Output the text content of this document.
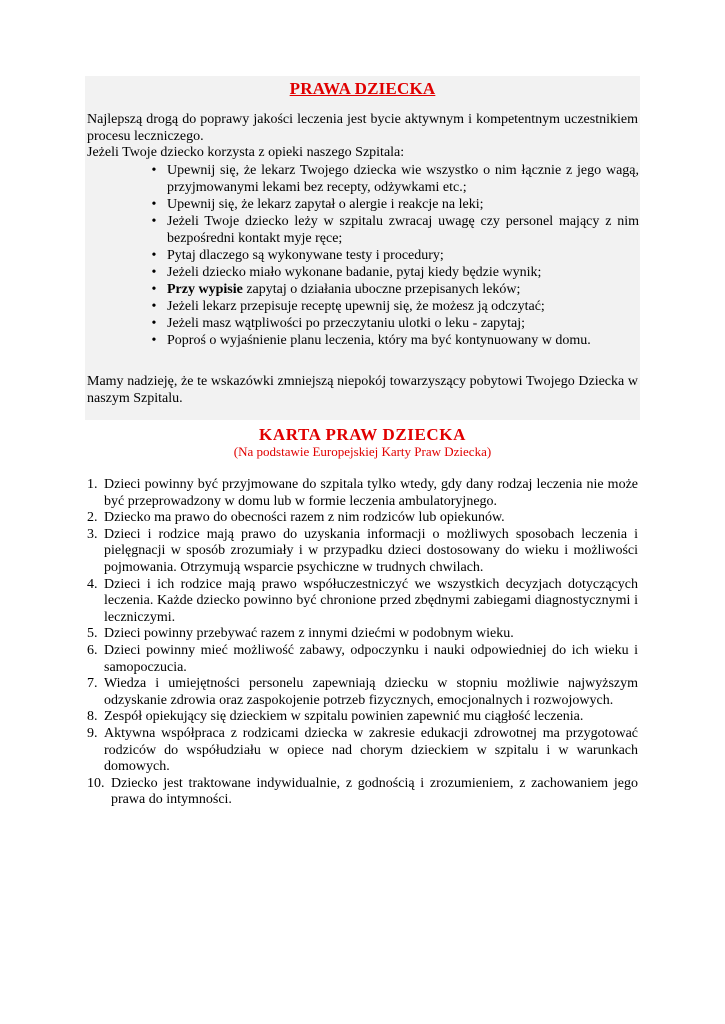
PRAWA DZIECKA

Najlepszą drogą do poprawy jakości leczenia jest bycie aktywnym i kompetentnym uczestnikiem procesu leczniczego.

Jeżeli Twoje dziecko korzysta z opieki naszego Szpitala:

• Upewnij się, że lekarz Twojego dziecka wie wszystko o nim łącznie z jego wagą, przyjmowanymi lekami bez recepty, odżywkami etc.;
• Upewnij się, że lekarz zapytał o alergie i reakcje na leki;
• Jeżeli Twoje dziecko leży w szpitalu zwracaj uwagę czy personel mający z nim bezpośredni kontakt myje ręce;
• Pytaj dlaczego są wykonywane testy i procedury;
• Jeżeli dziecko miało wykonane badanie, pytaj kiedy będzie wynik;
• Przy wypisie zapytaj o działania uboczne przepisanych leków;
• Jeżeli lekarz przepisuje receptę upewnij się, że możesz ją odczytać;
• Jeżeli masz wątpliwości po przeczytaniu ulotki o leku - zapytaj;
• Poproś o wyjaśnienie planu leczenia, który ma być kontynuowany w domu.
Mamy nadzieję, że te wskazówki zmniejszą niepokój towarzyszący pobytowi Twojego Dziecka w naszym Szpitalu.
KARTA PRAW DZIECKA
(Na podstawie Europejskiej Karty Praw Dziecka)
1. Dzieci powinny być przyjmowane do szpitala tylko wtedy, gdy dany rodzaj leczenia nie może być przeprowadzony w domu lub w formie leczenia ambulatoryjnego.
2. Dziecko ma prawo do obecności razem z nim rodziców lub opiekunów.
3. Dzieci i rodzice mają prawo do uzyskania informacji o możliwych sposobach leczenia i pielęgnacji w sposób zrozumiały i w przypadku dzieci dostosowany do wieku i możliwości pojmowania. Otrzymują wsparcie psychiczne w trudnych chwilach.
4. Dzieci i ich rodzice mają prawo współuczestniczyć we wszystkich decyzjach dotyczących leczenia. Każde dziecko powinno być chronione przed zbędnymi zabiegami diagnostycznymi i leczniczymi.
5. Dzieci powinny przebywać razem z innymi dziećmi w podobnym wieku.
6. Dzieci powinny mieć możliwość zabawy, odpoczynku i nauki odpowiedniej do ich wieku i samopoczucia.
7. Wiedza i umiejętności personelu zapewniają dziecku w stopniu możliwie najwyższym odzyskanie zdrowia oraz zaspokojenie potrzeb fizycznych, emocjonalnych i rozwojowych.
8. Zespół opiekujący się dzieckiem w szpitalu powinien zapewnić mu ciągłość leczenia.
9. Aktywna współpraca z rodzicami dziecka w zakresie edukacji zdrowotnej ma przygotować rodziców do współudziału w opiece nad chorym dzieckiem w szpitalu i w warunkach domowych.
10. Dziecko jest traktowane indywidualnie, z godnością i zrozumieniem, z zachowaniem jego prawa do intymności.
